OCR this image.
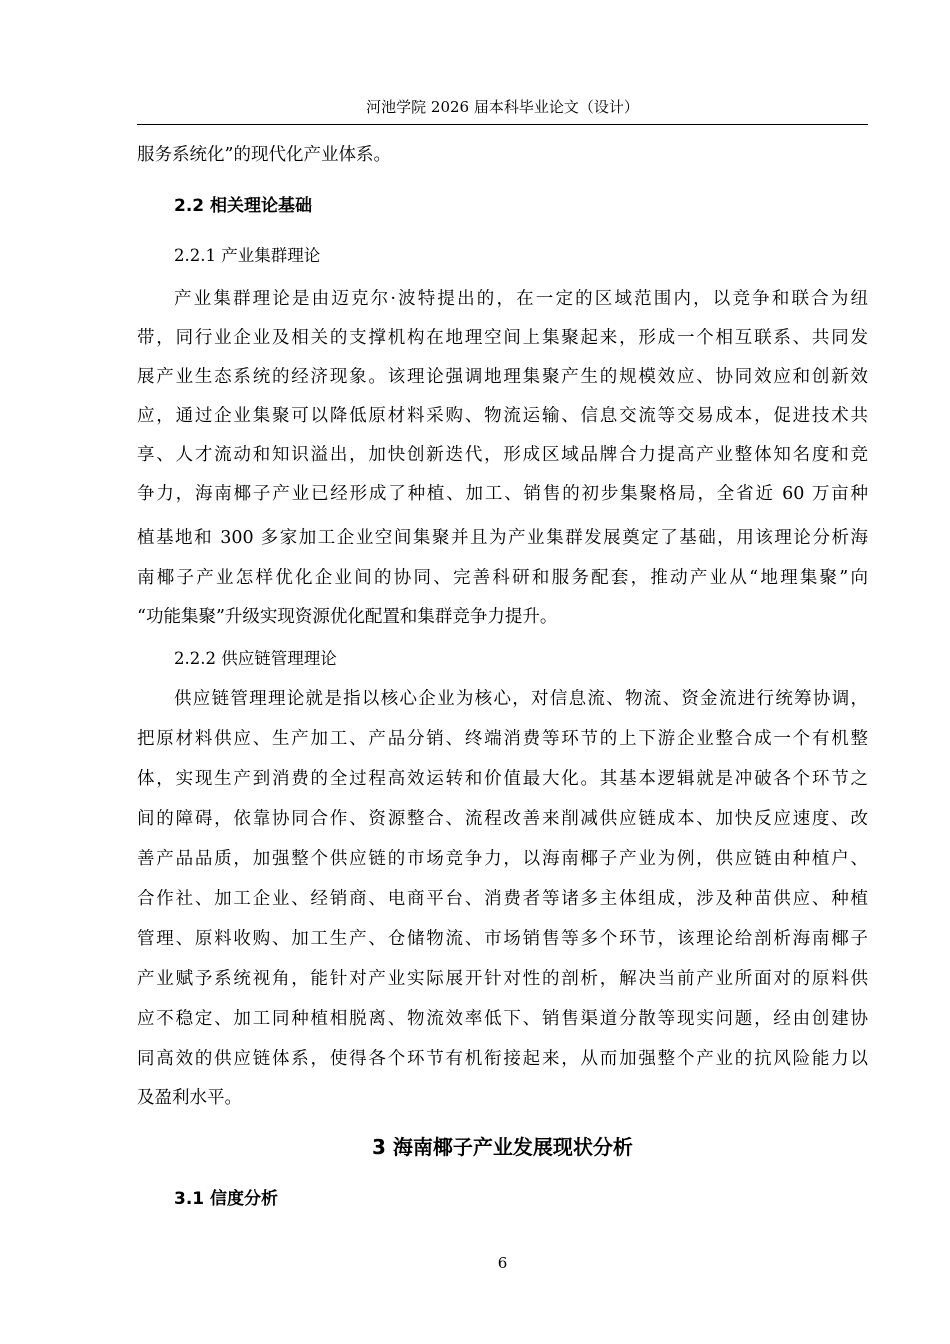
河池学院 2026 届本科毕业论文（设计）
服务系统化”的现代化产业体系。
2.2 相关理论基础
2.2.1 产业集群理论
产业集群理论是由迈克尔·波特提出的，在一定的区域范围内，以竞争和联合为纽
带，同行业企业及相关的支撑机构在地理空间上集聚起来，形成一个相互联系、共同发
展产业生态系统的经济现象。该理论强调地理集聚产生的规模效应、协同效应和创新效
应，通过企业集聚可以降低原材料采购、物流运输、信息交流等交易成本，促进技术共
享、人才流动和知识溢出，加快创新迭代，形成区域品牌合力提高产业整体知名度和竞
争力，海南椰子产业已经形成了种植、加工、销售的初步集聚格局，全省近 60 万亩种
植基地和 300 多家加工企业空间集聚并且为产业集群发展奠定了基础，用该理论分析海
南椰子产业怎样优化企业间的协同、完善科研和服务配套，推动产业从“地理集聚”向
“功能集聚”升级实现资源优化配置和集群竞争力提升。
2.2.2 供应链管理理论
供应链管理理论就是指以核心企业为核心，对信息流、物流、资金流进行统筹协调，
把原材料供应、生产加工、产品分销、终端消费等环节的上下游企业整合成一个有机整
体，实现生产到消费的全过程高效运转和价值最大化。其基本逻辑就是冲破各个环节之
间的障碍，依靠协同合作、资源整合、流程改善来削减供应链成本、加快反应速度、改
善产品品质，加强整个供应链的市场竞争力，以海南椰子产业为例，供应链由种植户、
合作社、加工企业、经销商、电商平台、消费者等诸多主体组成，涉及种苗供应、种植
管理、原料收购、加工生产、仓储物流、市场销售等多个环节，该理论给剖析海南椰子
产业赋予系统视角，能针对产业实际展开针对性的剖析，解决当前产业所面对的原料供
应不稳定、加工同种植相脱离、物流效率低下、销售渠道分散等现实问题，经由创建协
同高效的供应链体系，使得各个环节有机衔接起来，从而加强整个产业的抗风险能力以
及盈利水平。
3 海南椰子产业发展现状分析
3.1 信度分析
6
